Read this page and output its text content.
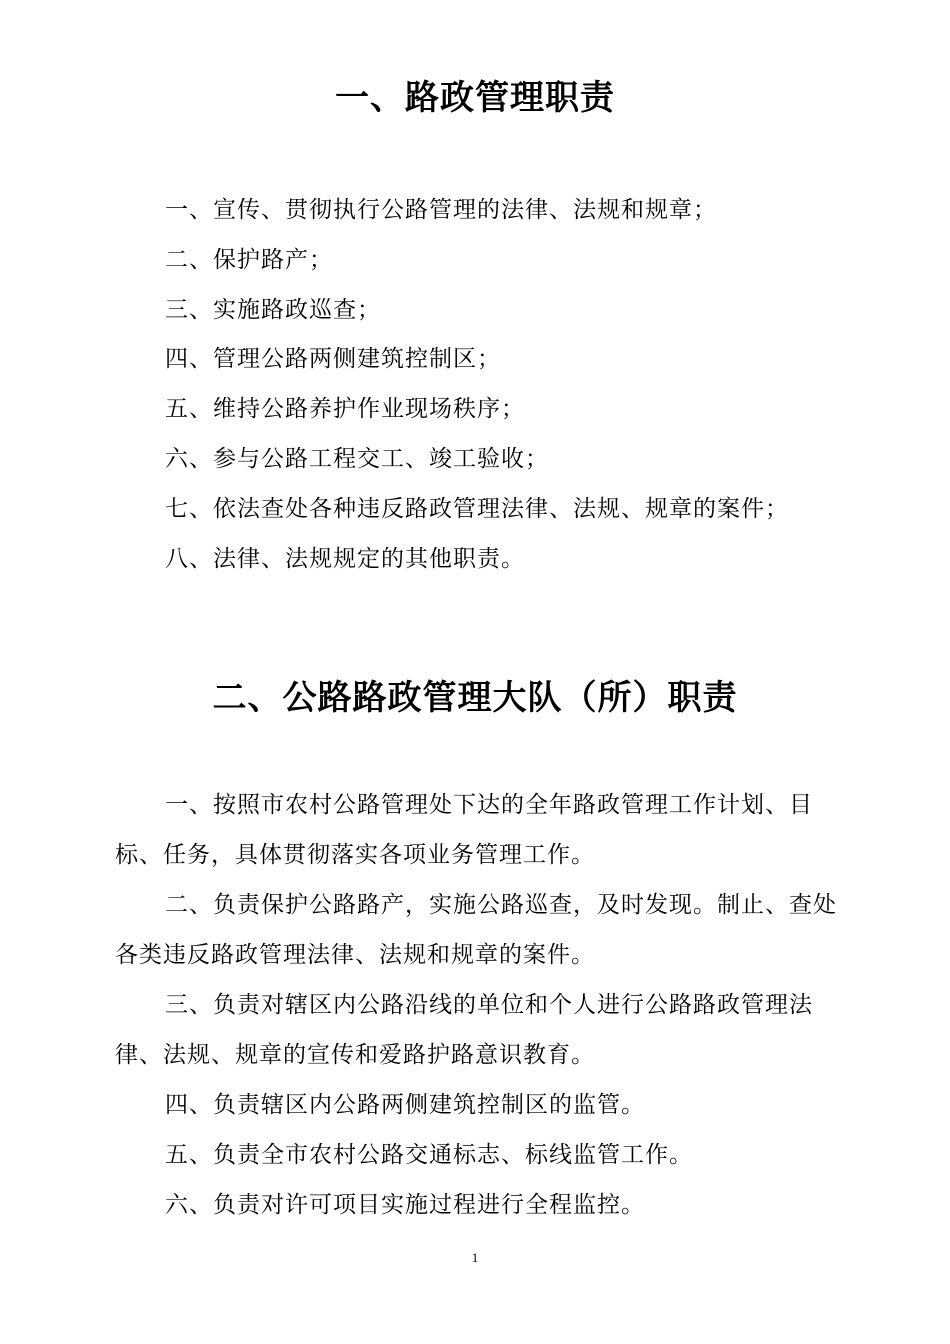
一、路政管理职责

一、宣传、贯彻执行公路管理的法律、法规和规章；

二、保护路产；

三、实施路政巡查；

四、管理公路两侧建筑控制区；

五、维持公路养护作业现场秩序；

六、参与公路工程交工、竣工验收；

七、依法查处各种违反路政管理法律、法规、规章的案件；

八、法律、法规规定的其他职责。

二、公路路政管理大队（所）职责

一、按照市农村公路管理处下达的全年路政管理工作计划、目标、任务，具体贯彻落实各项业务管理工作。

二、负责保护公路路产，实施公路巡查，及时发现。制止、查处各类违反路政管理法律、法规和规章的案件。

三、负责对辖区内公路沿线的单位和个人进行公路路政管理法律、法规、规章的宣传和爱路护路意识教育。

四、负责辖区内公路两侧建筑控制区的监管。

五、负责全市农村公路交通标志、标线监管工作。

六、负责对许可项目实施过程进行全程监控。

1
